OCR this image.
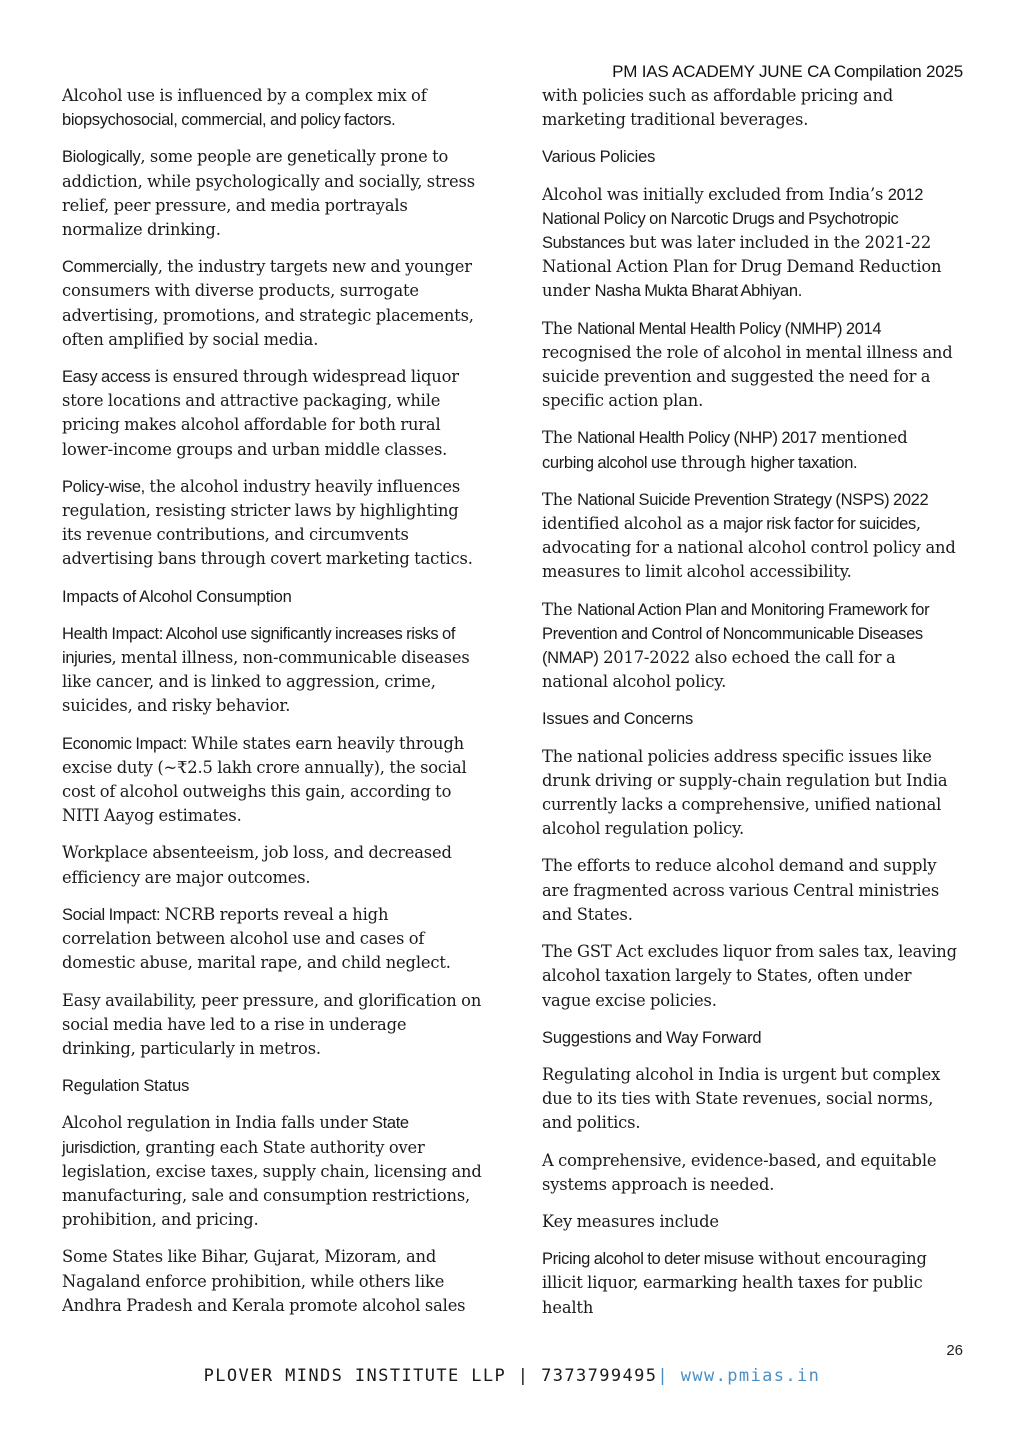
PM IAS ACADEMY JUNE CA Compilation 2025

Alcohol use is influenced by a complex mix of biopsychosocial, commercial, and policy factors.

Biologically, some people are genetically prone to addiction, while psychologically and socially, stress relief, peer pressure, and media portrayals normalize drinking.

Commercially, the industry targets new and younger consumers with diverse products, surrogate advertising, promotions, and strategic placements, often amplified by social media.

Easy access is ensured through widespread liquor store locations and attractive packaging, while pricing makes alcohol affordable for both rural lower-income groups and urban middle classes.

Policy-wise, the alcohol industry heavily influences regulation, resisting stricter laws by highlighting its revenue contributions, and circumvents advertising bans through covert marketing tactics.

Impacts of Alcohol Consumption

Health Impact: Alcohol use significantly increases risks of injuries, mental illness, non-communicable diseases like cancer, and is linked to aggression, crime, suicides, and risky behavior.

Economic Impact: While states earn heavily through excise duty (~₹2.5 lakh crore annually), the social cost of alcohol outweighs this gain, according to NITI Aayog estimates.

Workplace absenteeism, job loss, and decreased efficiency are major outcomes.

Social Impact: NCRB reports reveal a high correlation between alcohol use and cases of domestic abuse, marital rape, and child neglect.

Easy availability, peer pressure, and glorification on social media have led to a rise in underage drinking, particularly in metros.

Regulation Status

Alcohol regulation in India falls under State jurisdiction, granting each State authority over legislation, excise taxes, supply chain, licensing and manufacturing, sale and consumption restrictions, prohibition, and pricing.

Some States like Bihar, Gujarat, Mizoram, and Nagaland enforce prohibition, while others like Andhra Pradesh and Kerala promote alcohol sales

with policies such as affordable pricing and marketing traditional beverages.

Various Policies

Alcohol was initially excluded from India’s 2012 National Policy on Narcotic Drugs and Psychotropic Substances but was later included in the 2021-22 National Action Plan for Drug Demand Reduction under Nasha Mukta Bharat Abhiyan.

The National Mental Health Policy (NMHP) 2014 recognised the role of alcohol in mental illness and suicide prevention and suggested the need for a specific action plan.

The National Health Policy (NHP) 2017 mentioned curbing alcohol use through higher taxation.

The National Suicide Prevention Strategy (NSPS) 2022 identified alcohol as a major risk factor for suicides, advocating for a national alcohol control policy and measures to limit alcohol accessibility.

The National Action Plan and Monitoring Framework for Prevention and Control of Noncommunicable Diseases (NMAP) 2017-2022 also echoed the call for a national alcohol policy.

Issues and Concerns

The national policies address specific issues like drunk driving or supply-chain regulation but India currently lacks a comprehensive, unified national alcohol regulation policy.

The efforts to reduce alcohol demand and supply are fragmented across various Central ministries and States.

The GST Act excludes liquor from sales tax, leaving alcohol taxation largely to States, often under vague excise policies.

Suggestions and Way Forward

Regulating alcohol in India is urgent but complex due to its ties with State revenues, social norms, and politics.

A comprehensive, evidence-based, and equitable systems approach is needed.

Key measures include

Pricing alcohol to deter misuse without encouraging illicit liquor, earmarking health taxes for public health

26
PLOVER MINDS INSTITUTE LLP | 7373799495| www.pmias.in
